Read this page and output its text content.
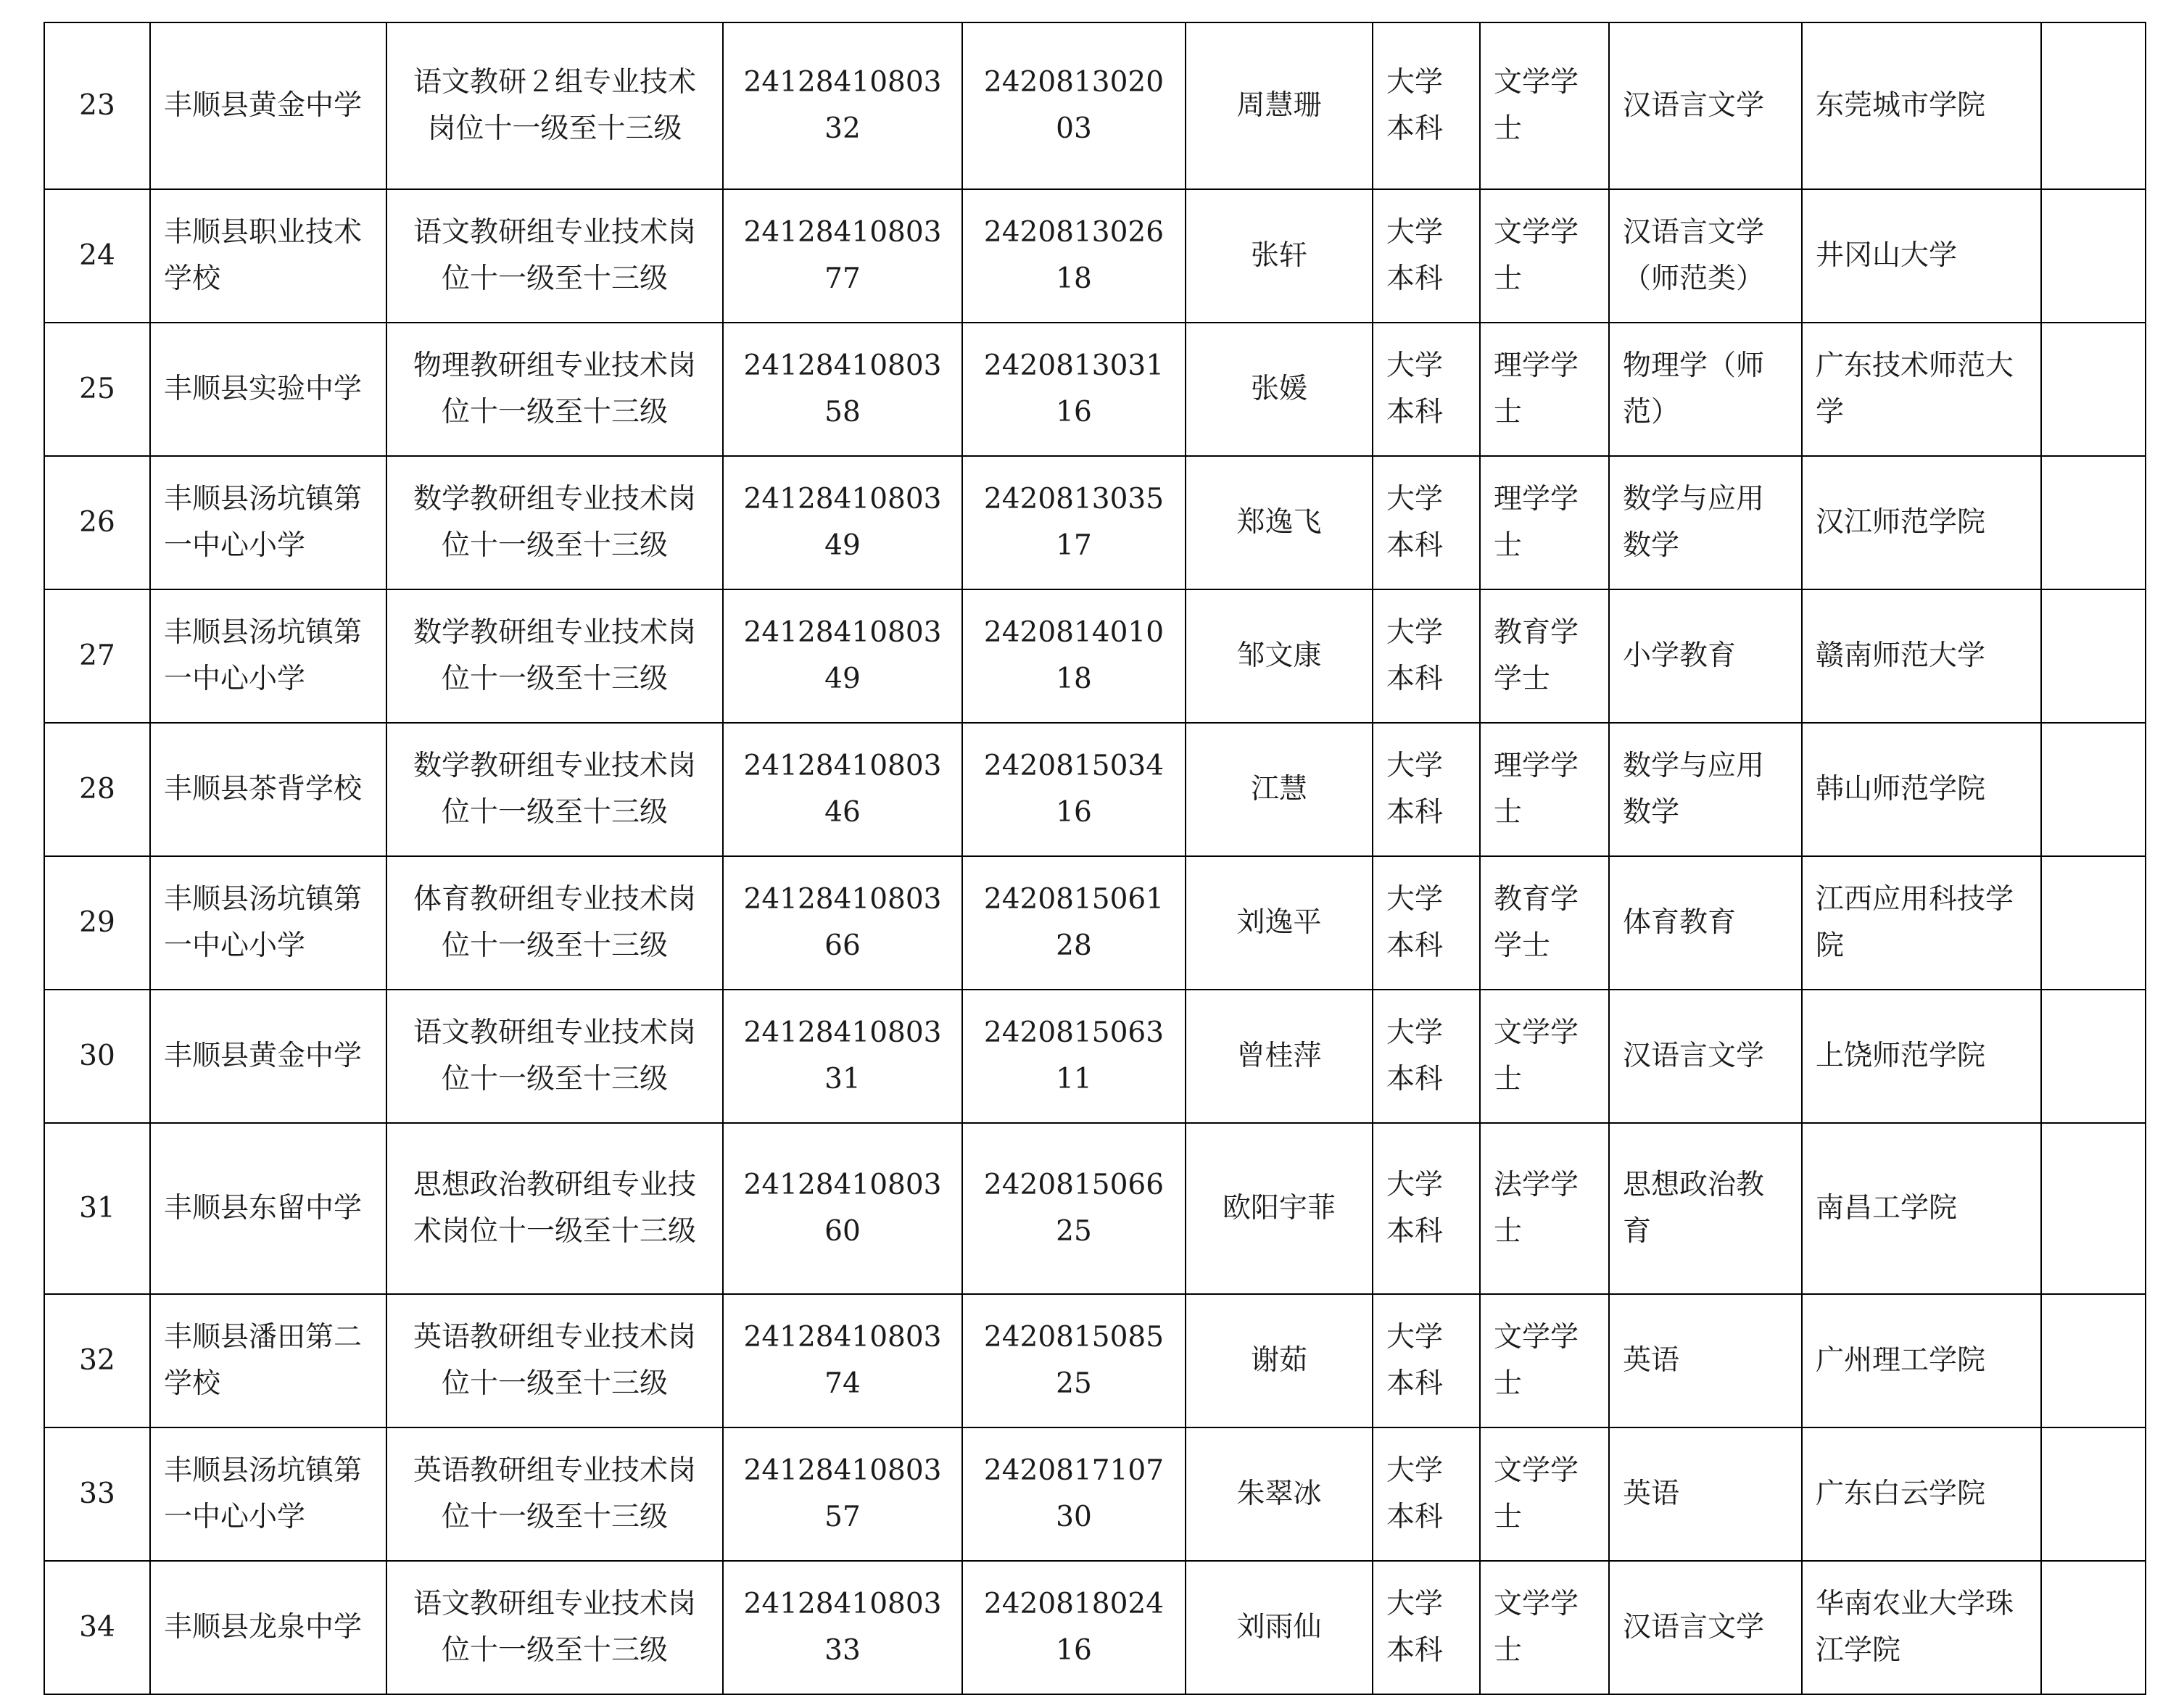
23	丰顺县黄金中学	语文教研２组专业技术岗位十一级至十三级	2412841080332	242081302003	周慧珊	大学本科	文学学士	汉语言文学	东莞城市学院	
24	丰顺县职业技术学校	语文教研组专业技术岗位十一级至十三级	2412841080377	242081302618	张轩	大学本科	文学学士	汉语言文学（师范类）	井冈山大学	
25	丰顺县实验中学	物理教研组专业技术岗位十一级至十三级	2412841080358	242081303116	张媛	大学本科	理学学士	物理学（师范）	广东技术师范大学	
26	丰顺县汤坑镇第一中心小学	数学教研组专业技术岗位十一级至十三级	2412841080349	242081303517	郑逸飞	大学本科	理学学士	数学与应用数学	汉江师范学院	
27	丰顺县汤坑镇第一中心小学	数学教研组专业技术岗位十一级至十三级	2412841080349	242081401018	邹文康	大学本科	教育学学士	小学教育	赣南师范大学	
28	丰顺县茶背学校	数学教研组专业技术岗位十一级至十三级	2412841080346	242081503416	江慧	大学本科	理学学士	数学与应用数学	韩山师范学院	
29	丰顺县汤坑镇第一中心小学	体育教研组专业技术岗位十一级至十三级	2412841080366	242081506128	刘逸平	大学本科	教育学学士	体育教育	江西应用科技学院	
30	丰顺县黄金中学	语文教研组专业技术岗位十一级至十三级	2412841080331	242081506311	曾桂萍	大学本科	文学学士	汉语言文学	上饶师范学院	
31	丰顺县东留中学	思想政治教研组专业技术岗位十一级至十三级	2412841080360	242081506625	欧阳宇菲	大学本科	法学学士	思想政治教育	南昌工学院	
32	丰顺县潘田第二学校	英语教研组专业技术岗位十一级至十三级	2412841080374	242081508525	谢茹	大学本科	文学学士	英语	广州理工学院	
33	丰顺县汤坑镇第一中心小学	英语教研组专业技术岗位十一级至十三级	2412841080357	242081710730	朱翠冰	大学本科	文学学士	英语	广东白云学院	
34	丰顺县龙泉中学	语文教研组专业技术岗位十一级至十三级	2412841080333	242081802416	刘雨仙	大学本科	文学学士	汉语言文学	华南农业大学珠江学院	
